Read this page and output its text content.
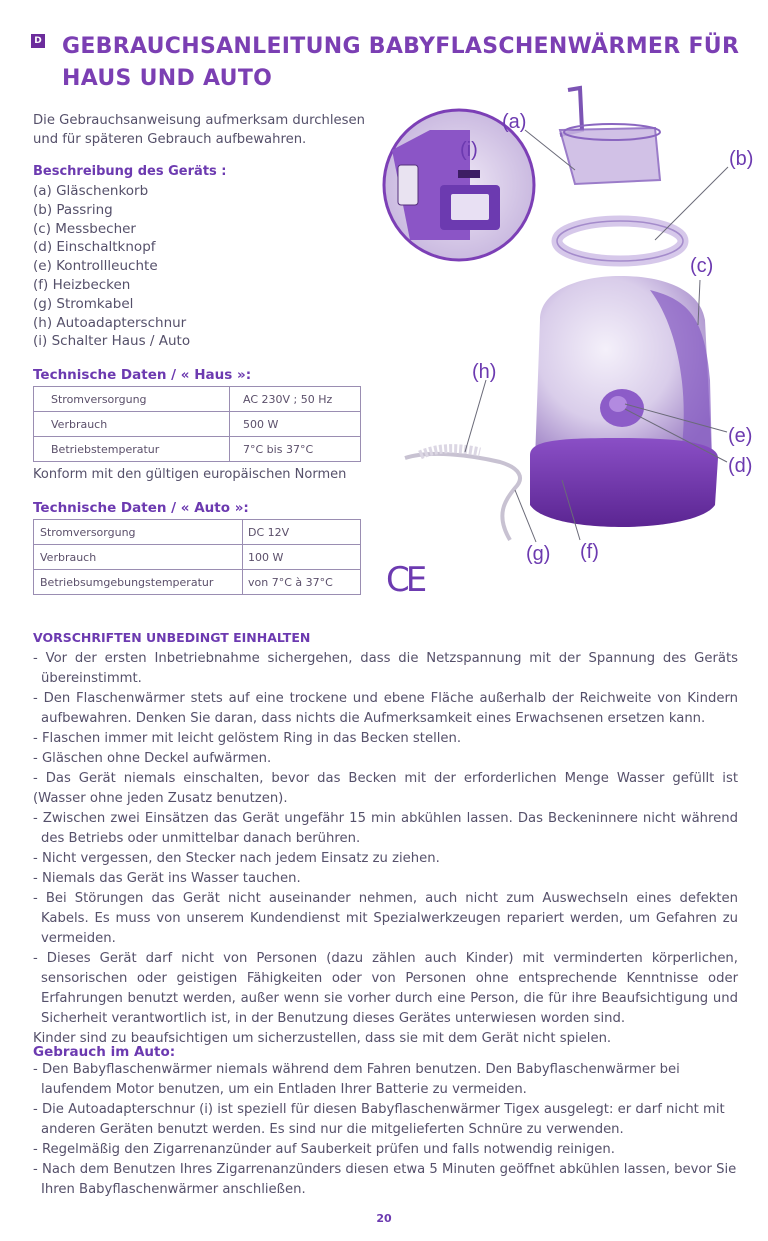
D GEBRAUCHSANLEITUNG BABYFLASCHENWÄRMER FÜR HAUS UND AUTO

Die Gebrauchsanweisung aufmerksam durchlesen und für späteren Gebrauch aufbewahren.

Beschreibung des Geräts :
(a) Gläschenkorb
(b) Passring
(c) Messbecher
(d) Einschaltknopf
(e) Kontrollleuchte
(f) Heizbecken
(g) Stromkabel
(h) Autoadapterschnur
(i) Schalter Haus / Auto
Technische Daten / « Haus »:
Stromversorgung	AC 230V ; 50 Hz
Verbrauch	500 W
Betriebstemperatur	7°C bis 37°C
Konform mit den gültigen europäischen Normen
Technische Daten / « Auto »:
Stromversorgung	DC 12V
Verbrauch	100 W
Betriebsumgebungstemperatur	von 7°C à 37°C
(a)
(i)	(b)
(c)
(h)
(e)
(d)
(g) (f)
CE
VORSCHRIFTEN UNBEDINGT EINHALTEN
- Vor der ersten Inbetriebnahme sichergehen, dass die Netzspannung mit der Spannung des Geräts übereinstimmt.
- Den Flaschenwärmer stets auf eine trockene und ebene Fläche außerhalb der Reichweite von Kindern aufbewahren. Denken Sie daran, dass nichts die Aufmerksamkeit eines Erwachsenen ersetzen kann.
- Flaschen immer mit leicht gelöstem Ring in das Becken stellen.
- Gläschen ohne Deckel aufwärmen.
- Das Gerät niemals einschalten, bevor das Becken mit der erforderlichen Menge Wasser gefüllt ist (Wasser ohne jeden Zusatz benutzen).
- Zwischen zwei Einsätzen das Gerät ungefähr 15 min abkühlen lassen. Das Beckeninnere nicht während des Betriebs oder unmittelbar danach berühren.
- Nicht vergessen, den Stecker nach jedem Einsatz zu ziehen.
- Niemals das Gerät ins Wasser tauchen.
- Bei Störungen das Gerät nicht auseinander nehmen, auch nicht zum Auswechseln eines defekten Kabels. Es muss von unserem Kundendienst mit Spezialwerkzeugen repariert werden, um Gefahren zu vermeiden.
- Dieses Gerät darf nicht von Personen (dazu zählen auch Kinder) mit verminderten körperlichen, sensorischen oder geistigen Fähigkeiten oder von Personen ohne entsprechende Kenntnisse oder Erfahrungen benutzt werden, außer wenn sie vorher durch eine Person, die für ihre Beaufsichtigung und Sicherheit verantwortlich ist, in der Benutzung dieses Gerätes unterwiesen worden sind.
Kinder sind zu beaufsichtigen um sicherzustellen, dass sie mit dem Gerät nicht spielen.
Gebrauch im Auto:
- Den Babyflaschenwärmer niemals während dem Fahren benutzen. Den Babyflaschenwärmer bei laufendem Motor benutzen, um ein Entladen Ihrer Batterie zu vermeiden.
- Die Autoadapterschnur (i) ist speziell für diesen Babyflaschenwärmer Tigex ausgelegt: er darf nicht mit anderen Geräten benutzt werden. Es sind nur die mitgelieferten Schnüre zu verwenden.
- Regelmäßig den Zigarrenanzünder auf Sauberkeit prüfen und falls notwendig reinigen.
- Nach dem Benutzen Ihres Zigarrenanzünders diesen etwa 5 Minuten geöffnet abkühlen lassen, bevor Sie Ihren Babyflaschenwärmer anschließen.
20
